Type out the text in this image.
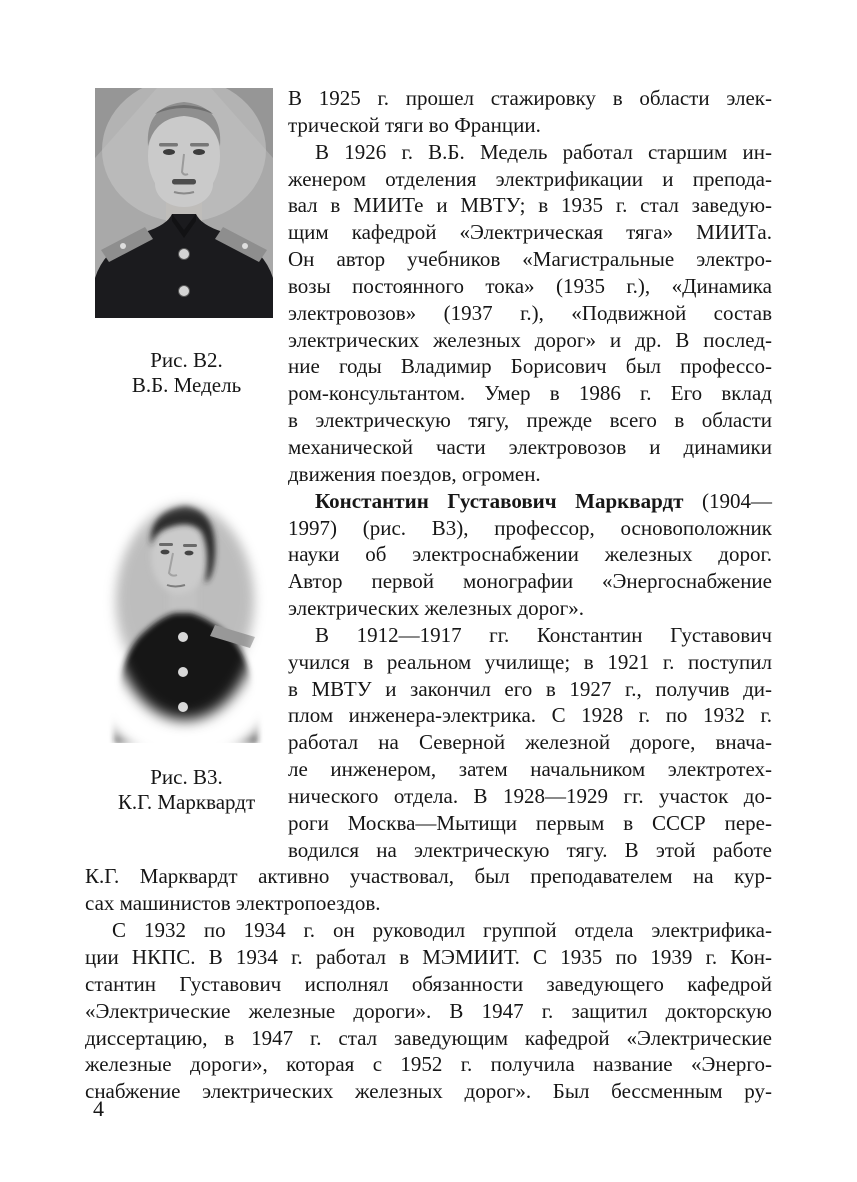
Рис. В2.
В.Б. Медель
Рис. В3.
К.Г. Марквардт
В 1925 г. прошел стажировку в области элек-
трической тяги во Франции.
В 1926 г. В.Б. Медель работал старшим ин-
женером отделения электрификации и препода-
вал в МИИТе и МВТУ; в 1935 г. стал заведую-
щим кафедрой «Электрическая тяга» МИИТа.
Он автор учебников «Магистральные электро-
возы постоянного тока» (1935 г.), «Динамика
электровозов» (1937 г.), «Подвижной состав
электрических железных дорог» и др. В послед-
ние годы Владимир Борисович был профессо-
ром-консультантом. Умер в 1986 г. Его вклад
в электрическую тягу, прежде всего в области
механической части электровозов и динамики
движения поездов, огромен.
Константин Густавович Марквардт (1904—
1997) (рис. В3), профессор, основоположник
науки об электроснабжении железных дорог.
Автор первой монографии «Энергоснабжение
электрических железных дорог».
В 1912—1917 гг. Константин Густавович
учился в реальном училище; в 1921 г. поступил
в МВТУ и закончил его в 1927 г., получив ди-
плом инженера-электрика. С 1928 г. по 1932 г.
работал на Северной железной дороге, внача-
ле инженером, затем начальником электротех-
нического отдела. В 1928—1929 гг. участок до-
роги Москва—Мытищи первым в СССР пере-
водился на электрическую тягу. В этой работе
К.Г. Марквардт активно участвовал, был преподавателем на кур-
сах машинистов электропоездов.
С 1932 по 1934 г. он руководил группой отдела электрифика-
ции НКПС. В 1934 г. работал в МЭМИИТ. С 1935 по 1939 г. Кон-
стантин Густавович исполнял обязанности заведующего кафедрой
«Электрические железные дороги». В 1947 г. защитил докторскую
диссертацию, в 1947 г. стал заведующим кафедрой «Электрические
железные дороги», которая с 1952 г. получила название «Энерго-
снабжение электрических железных дорог». Был бессменным ру-
4
